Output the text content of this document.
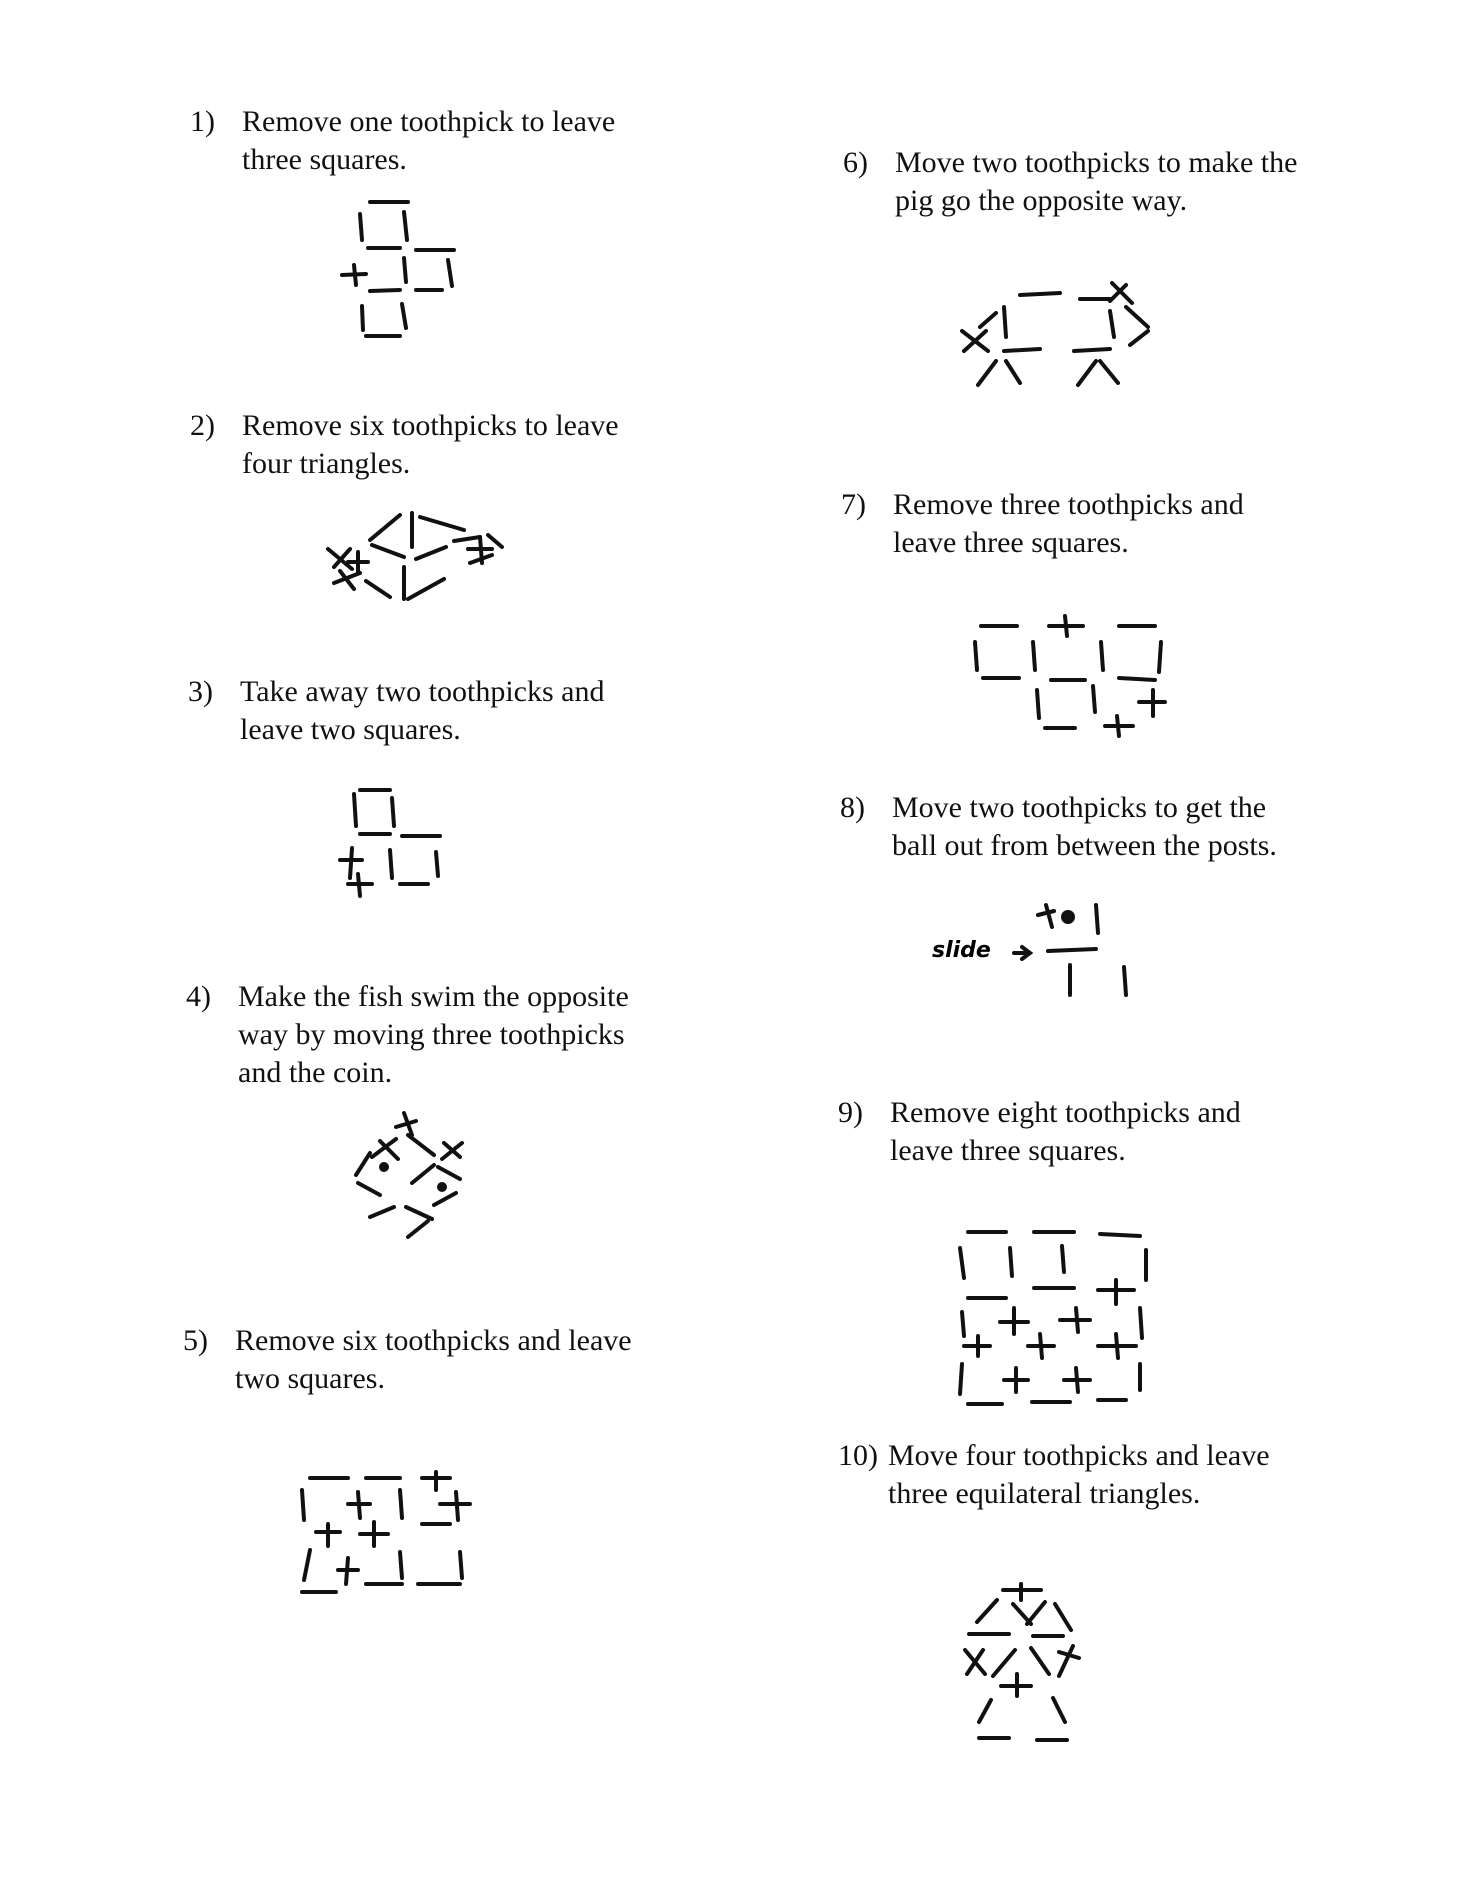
1) Remove one toothpick to leave
three squares.
2) Remove six toothpicks to leave
four triangles.
3) Take away two toothpicks and
leave two squares.
4) Make the fish swim the opposite
way by moving three toothpicks
and the coin.
5) Remove six toothpicks and leave
two squares.
6) Move two toothpicks to make the
pig go the opposite way.
7) Remove three toothpicks and
leave three squares.
8) Move two toothpicks to get the
ball out from between the posts.
9) Remove eight toothpicks and
leave three squares.
10) Move four toothpicks and leave
three equilateral triangles.
slide
